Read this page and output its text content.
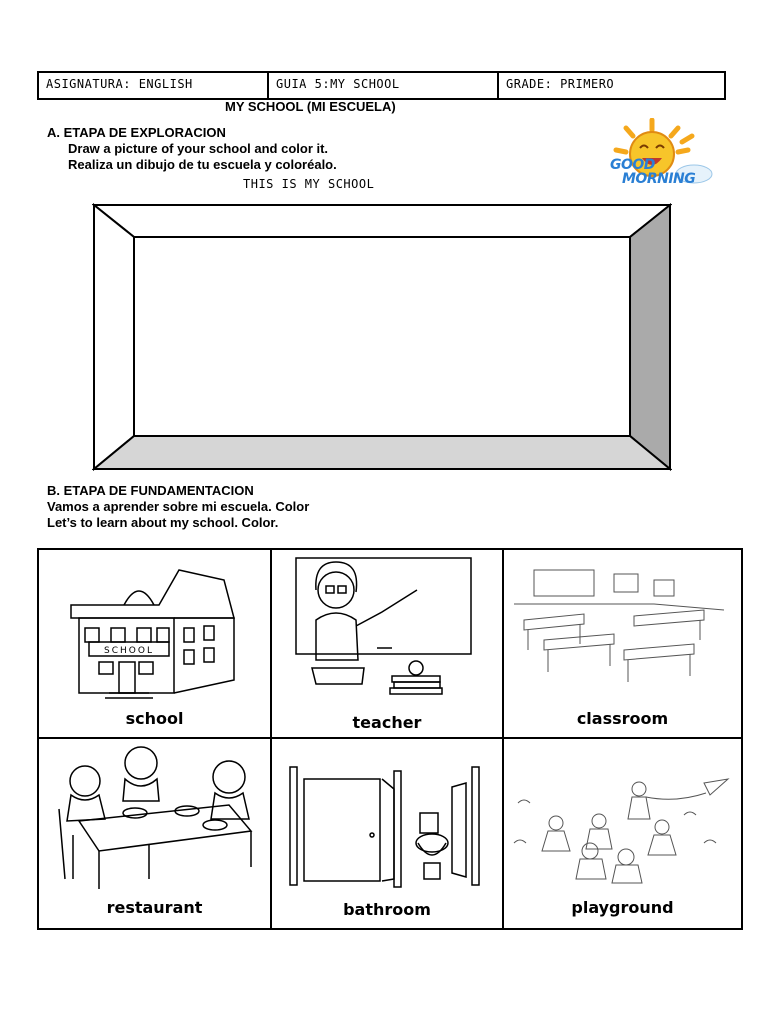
ASIGNATURA: ENGLISH	GUIA 5:MY SCHOOL	GRADE: PRIMERO
MY SCHOOL (MI ESCUELA)
A. ETAPA DE EXPLORACION
Draw a picture of your school and color it.
Realiza un dibujo de tu escuela y coloréalo.
THIS IS MY SCHOOL
GOOD
MORNING
B. ETAPA DE FUNDAMENTACION
Vamos a aprender sobre mi escuela. Color
Let’s to learn about my school. Color.
SCHOOL
school	teacher	classroom
restaurant	bathroom	playground
